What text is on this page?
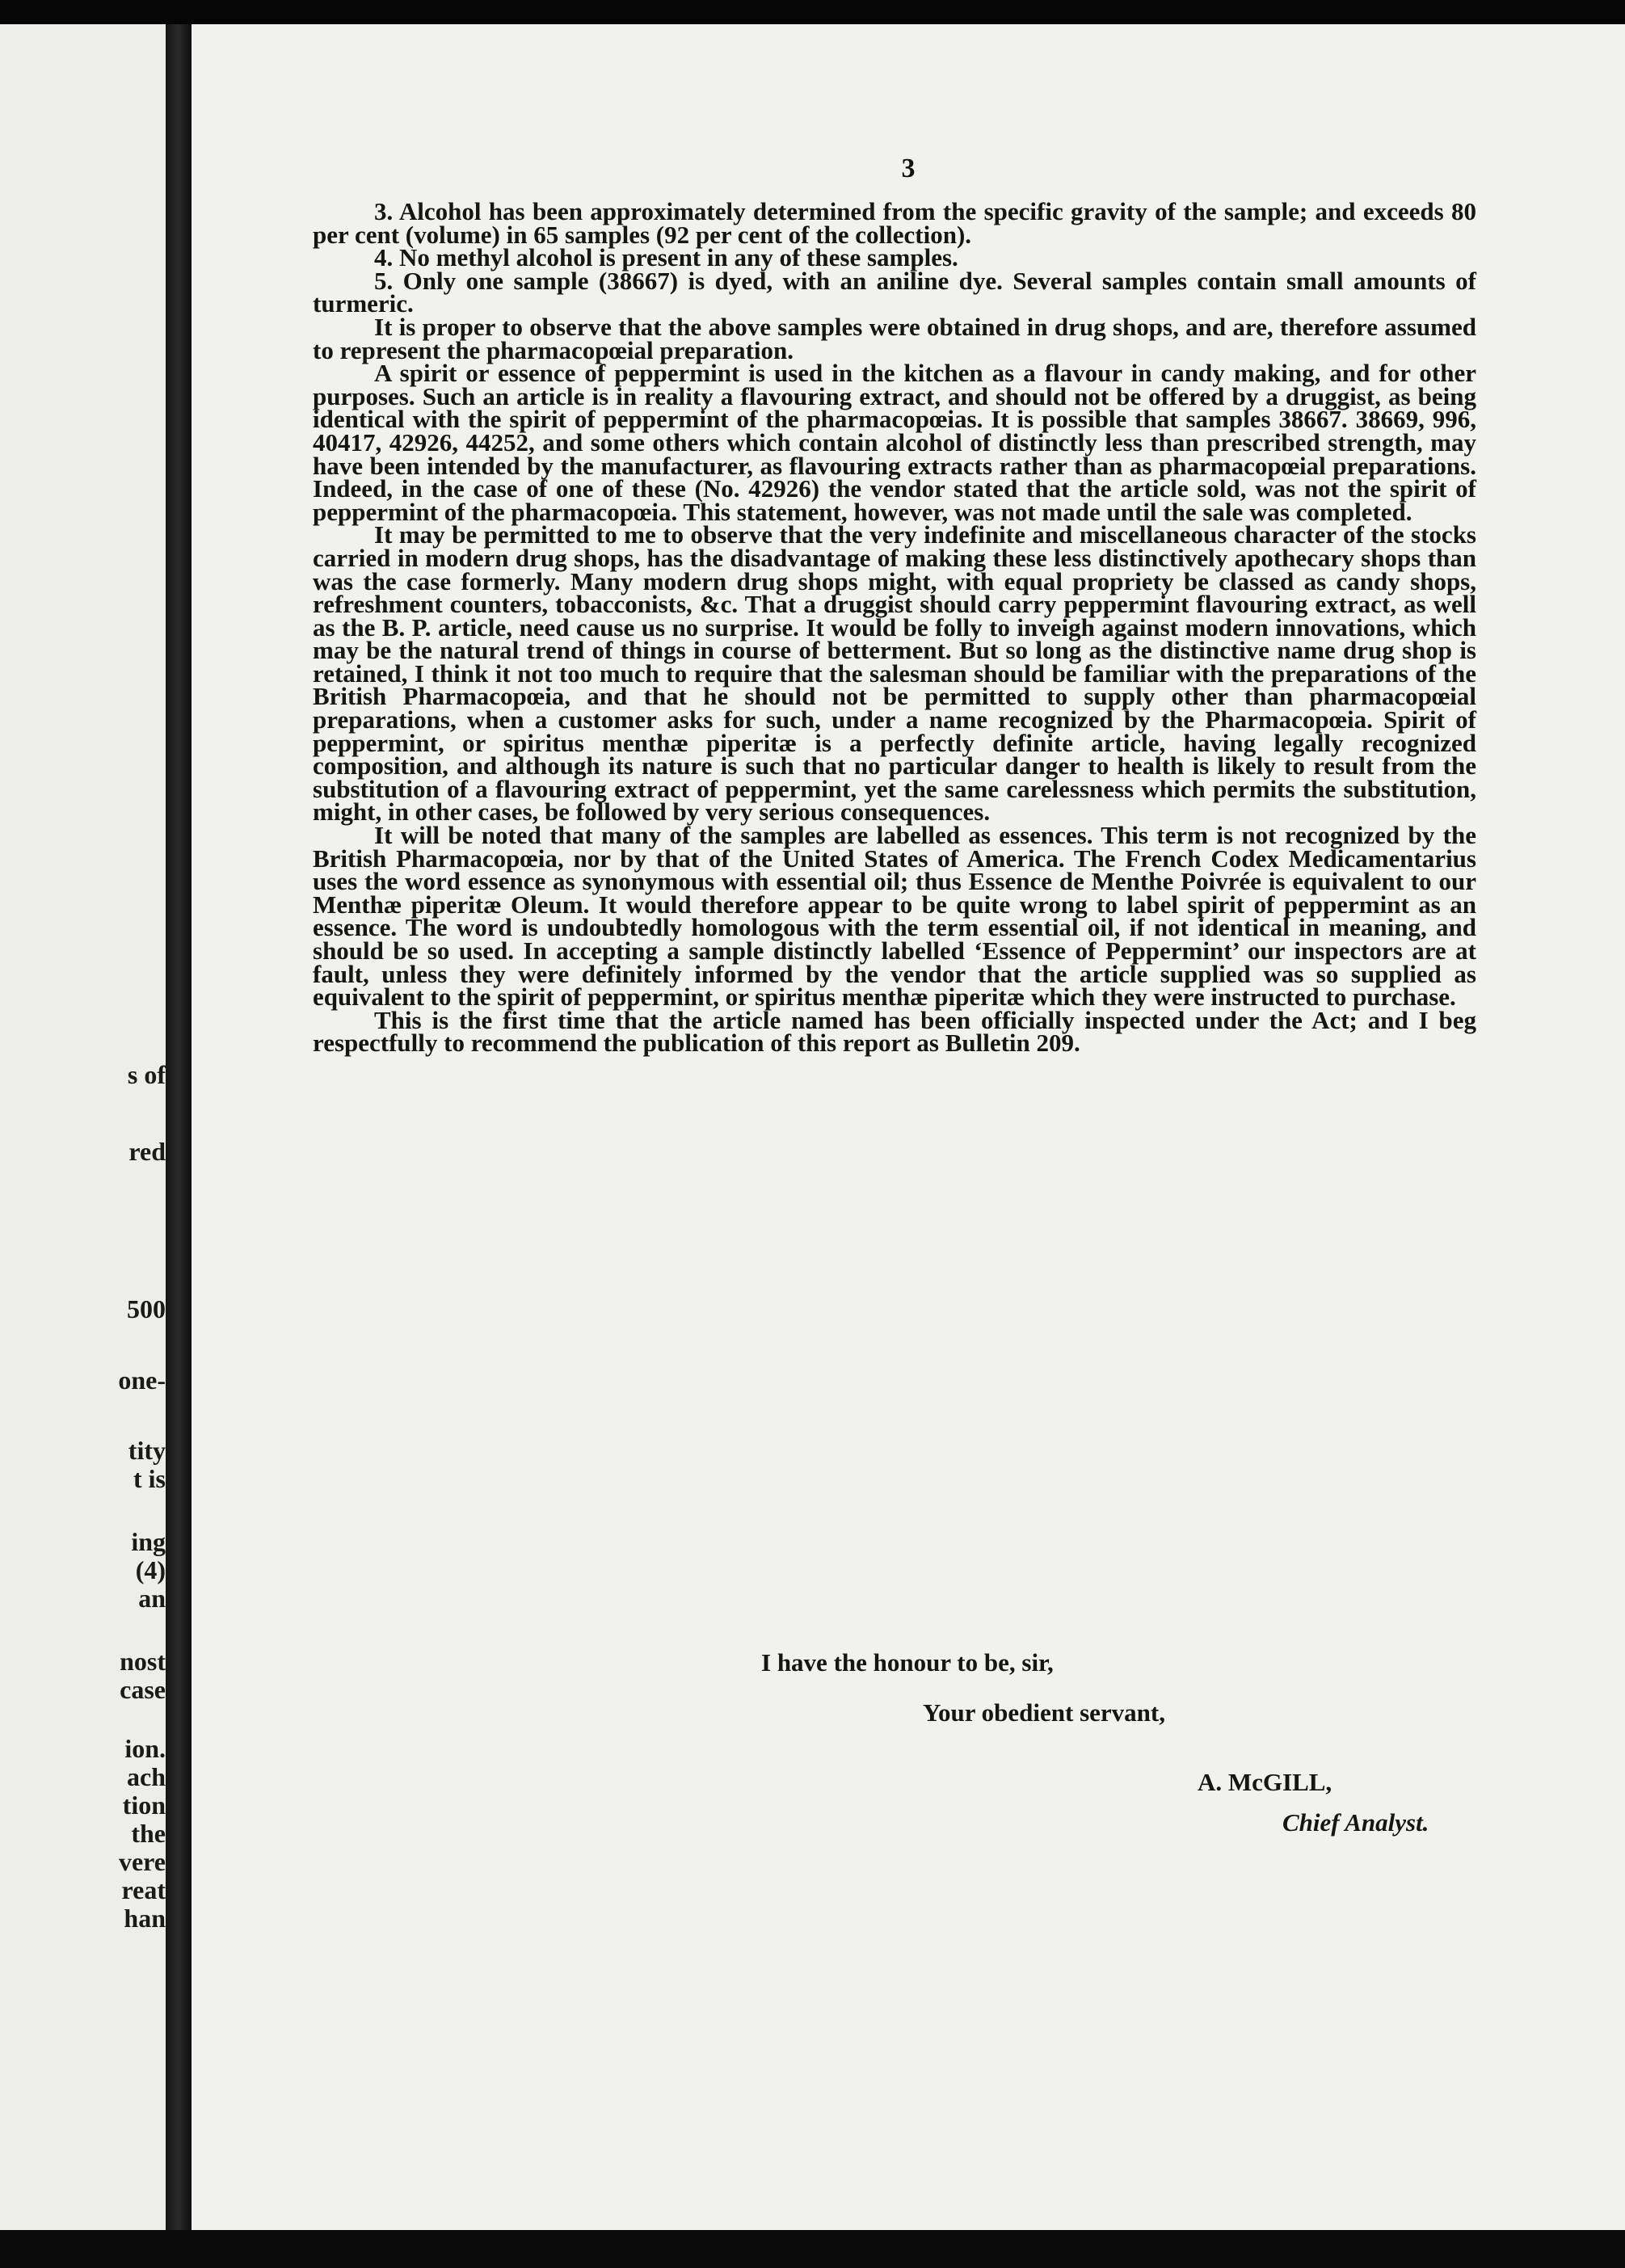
s of
red
500
one-
tity
t is
ing
(4)
an
nost
case
ion.
ach
tion
the
vere
reat
han
3

3. Alcohol has been approximately determined from the specific gravity of the sample; and exceeds 80 per cent (volume) in 65 samples (92 per cent of the collection).

4. No methyl alcohol is present in any of these samples.

5. Only one sample (38667) is dyed, with an aniline dye. Several samples contain small amounts of turmeric.

It is proper to observe that the above samples were obtained in drug shops, and are, therefore assumed to represent the pharmacopœial preparation.

A spirit or essence of peppermint is used in the kitchen as a flavour in candy making, and for other purposes. Such an article is in reality a flavouring extract, and should not be offered by a druggist, as being identical with the spirit of peppermint of the pharmacopœias. It is possible that samples 38667. 38669, 996, 40417, 42926, 44252, and some others which contain alcohol of distinctly less than prescribed strength, may have been intended by the manufacturer, as flavouring extracts rather than as pharmacopœial preparations. Indeed, in the case of one of these (No. 42926) the vendor stated that the article sold, was not the spirit of peppermint of the pharmacopœia. This statement, however, was not made until the sale was completed.

It may be permitted to me to observe that the very indefinite and miscellaneous character of the stocks carried in modern drug shops, has the disadvantage of making these less distinctively apothecary shops than was the case formerly. Many modern drug shops might, with equal propriety be classed as candy shops, refreshment counters, tobacconists, &c. That a druggist should carry peppermint flavouring extract, as well as the B. P. article, need cause us no surprise. It would be folly to inveigh against modern innovations, which may be the natural trend of things in course of betterment. But so long as the distinctive name drug shop is retained, I think it not too much to require that the salesman should be familiar with the preparations of the British Pharmacopœia, and that he should not be permitted to supply other than pharmacopœial preparations, when a customer asks for such, under a name recognized by the Pharmacopœia. Spirit of peppermint, or spiritus menthæ piperitæ is a perfectly definite article, having legally recognized composition, and although its nature is such that no particular danger to health is likely to result from the substitution of a flavouring extract of peppermint, yet the same carelessness which permits the substitution, might, in other cases, be followed by very serious consequences.

It will be noted that many of the samples are labelled as essences. This term is not recognized by the British Pharmacopœia, nor by that of the United States of America. The French Codex Medicamentarius uses the word essence as synonymous with essential oil; thus Essence de Menthe Poivrée is equivalent to our Menthæ piperitæ Oleum. It would therefore appear to be quite wrong to label spirit of peppermint as an essence. The word is undoubtedly homologous with the term essential oil, if not identical in meaning, and should be so used. In accepting a sample distinctly labelled ‘Essence of Peppermint’ our inspectors are at fault, unless they were definitely informed by the vendor that the article supplied was so supplied as equivalent to the spirit of peppermint, or spiritus menthæ piperitæ which they were instructed to purchase.

This is the first time that the article named has been officially inspected under the Act; and I beg respectfully to recommend the publication of this report as Bulletin 209.

I have the honour to be, sir,
Your obedient servant,
A. McGILL,
Chief Analyst.
